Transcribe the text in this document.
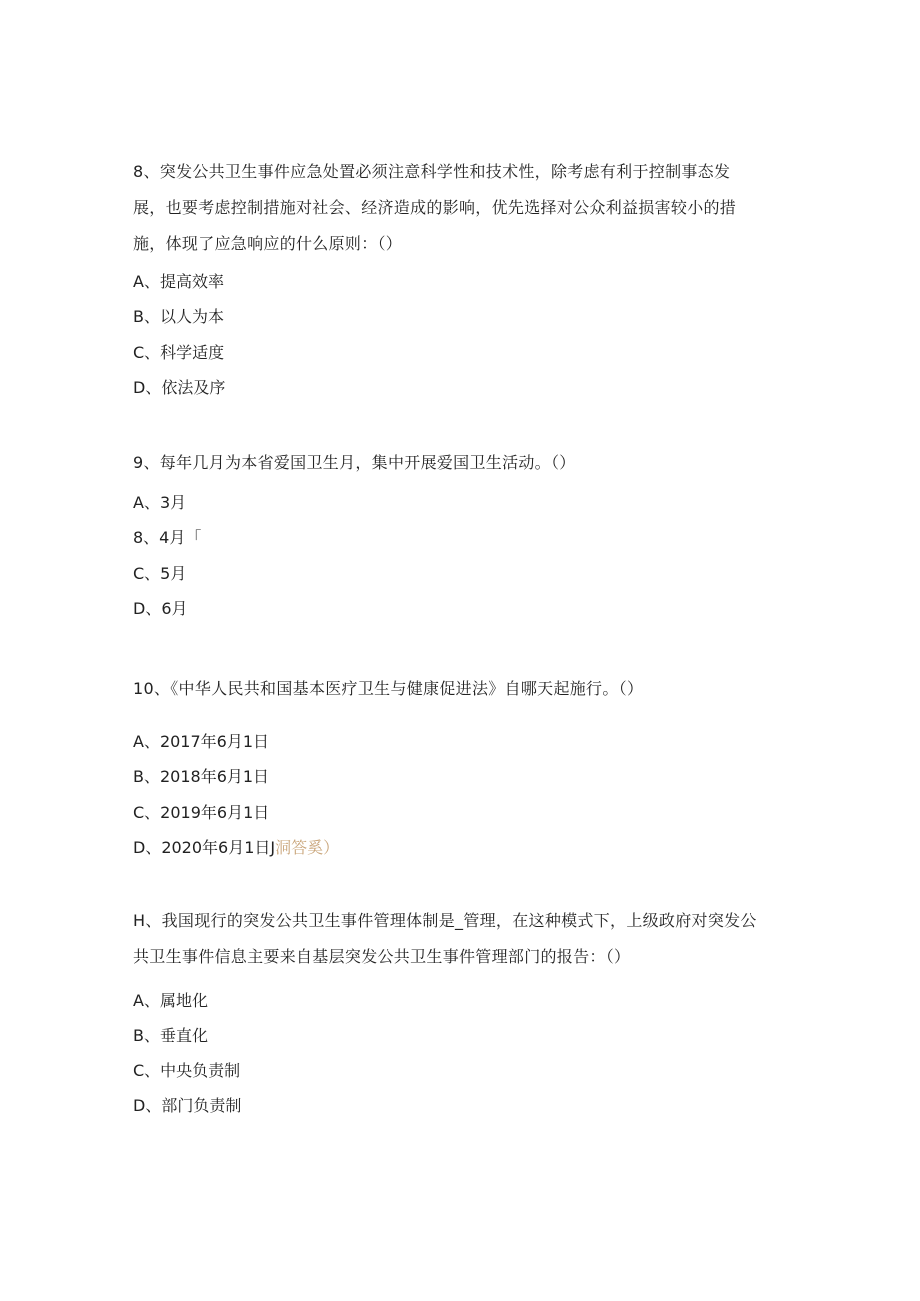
8、突发公共卫生事件应急处置必须注意科学性和技术性，除考虑有利于控制事态发
展，也要考虑控制措施对社会、经济造成的影响，优先选择对公众利益损害较小的措
施，体现了应急响应的什么原则：（）
A、提高效率
B、以人为本
C、科学适度
D、依法及序
9、每年几月为本省爱国卫生月，集中开展爱国卫生活动。（）
A、3月
8、4月「
C、5月
D、6月
10、《中华人民共和国基本医疗卫生与健康促进法》自哪天起施行。（）
A、2017年6月1日
B、2018年6月1日
C、2019年6月1日
D、2020年6月1日J洞答奚）
H、我国现行的突发公共卫生事件管理体制是_管理，在这种模式下，上级政府对突发公
共卫生事件信息主要来自基层突发公共卫生事件管理部门的报告：（）
A、属地化
B、垂直化
C、中央负责制
D、部门负责制
